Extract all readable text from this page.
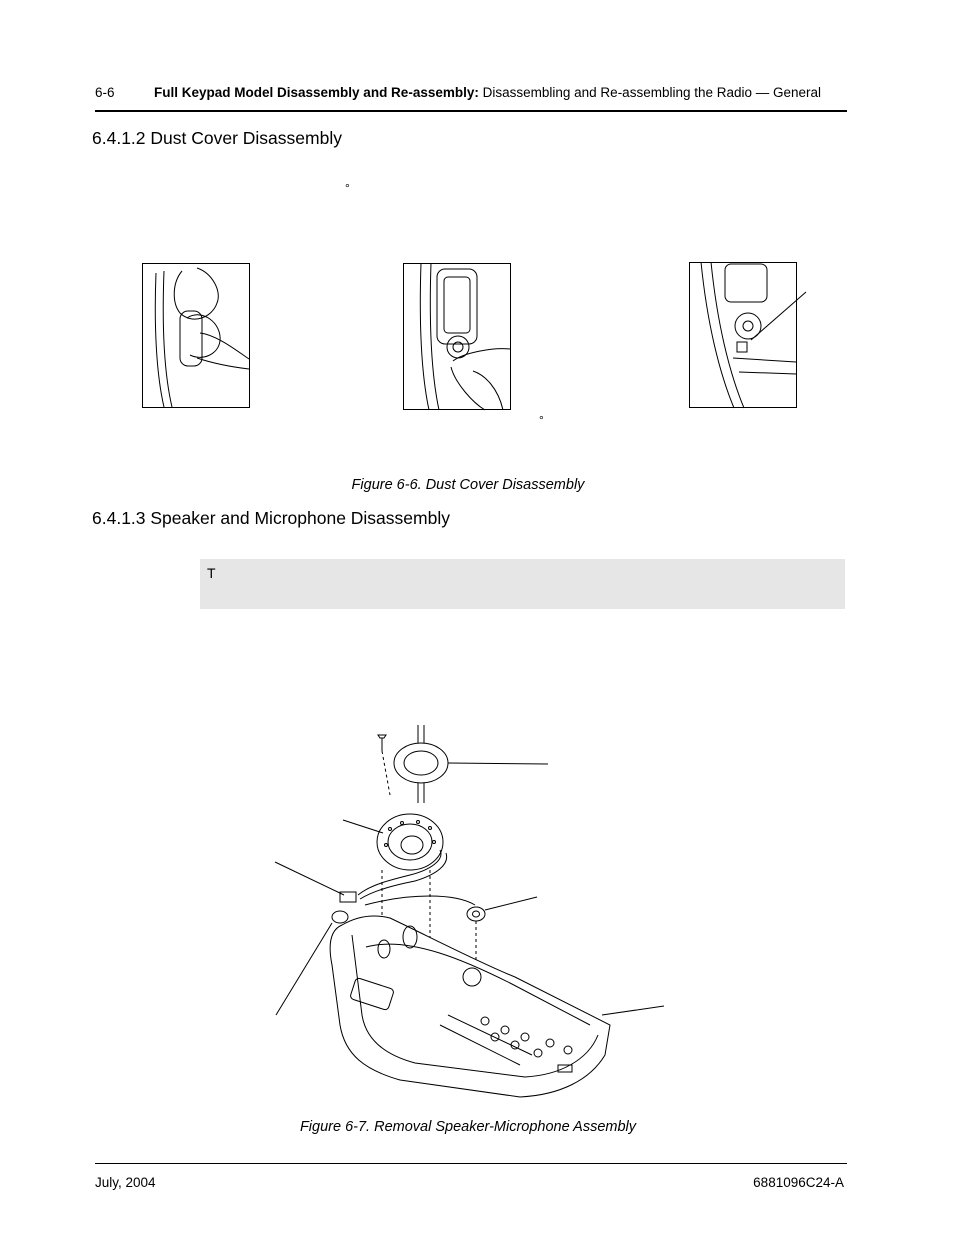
6-6	Full Keypad Model Disassembly and Re-assembly: Disassembling and Re-assembling the Radio — General
6.4.1.2 Dust Cover Disassembly
°
°
Figure 6-6. Dust Cover Disassembly
6.4.1.3 Speaker and Microphone Disassembly
T
Figure 6-7. Removal Speaker-Microphone Assembly
July, 2004	6881096C24-A
